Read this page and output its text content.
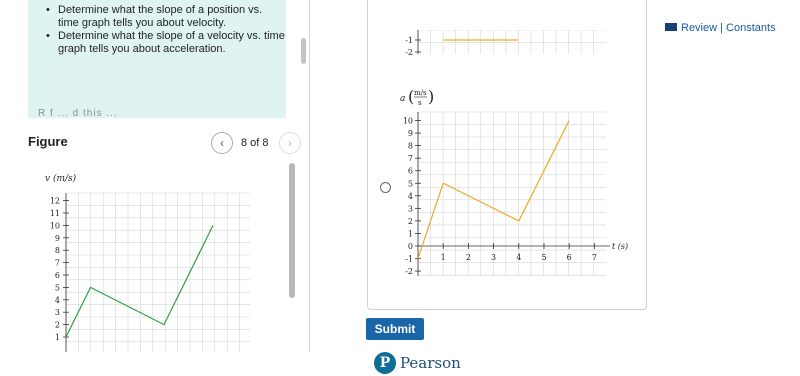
• Determine what the slope of a position vs. time graph tells you about velocity.
• Determine what the slope of a velocity vs. time graph tells you about acceleration.
R f ... d this ...
Figure	‹	8 of 8	›
v (m/s)
1
2
3
4
5
6
7
8
9
10
11
12
Review | Constants
-1
-2
a ( m/s
s )
-2
-1
0
1
2
3
4
5
6
7
8
9
10
1	2	3	4	5	6	7
t (s)
Submit
P Pearson
